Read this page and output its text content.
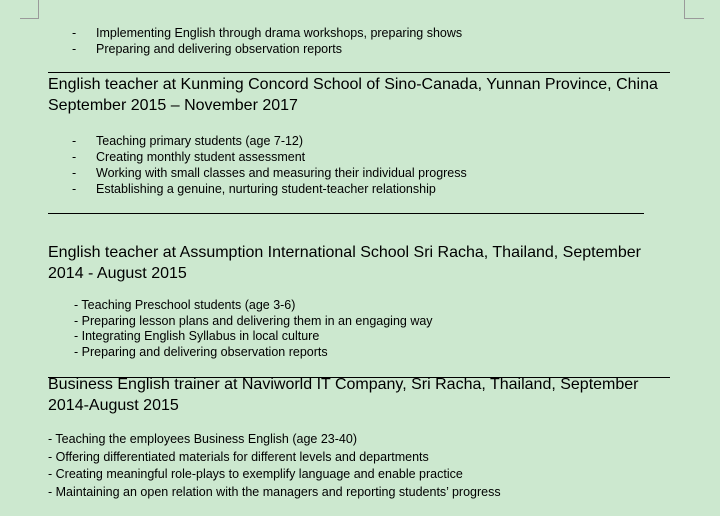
- Implementing English through drama workshops, preparing shows
- Preparing and delivering observation reports
English teacher at Kunming Concord School of Sino-Canada, Yunnan Province, China
September 2015 – November 2017
- Teaching primary students (age 7-12)
- Creating monthly student assessment
- Working with small classes and measuring their individual progress
- Establishing a genuine, nurturing student-teacher relationship
English teacher at Assumption International School Sri Racha, Thailand, September
2014 - August 2015
- Teaching Preschool students (age 3-6)
- Preparing lesson plans and delivering them in an engaging way
- Integrating English Syllabus in local culture
- Preparing and delivering observation reports
Business English trainer at Naviworld IT Company, Sri Racha, Thailand, September
2014-August 2015
- Teaching the employees Business English (age 23-40)
- Offering differentiated materials for different levels and departments
- Creating meaningful role-plays to exemplify language and enable practice
- Maintaining an open relation with the managers and reporting students’ progress
